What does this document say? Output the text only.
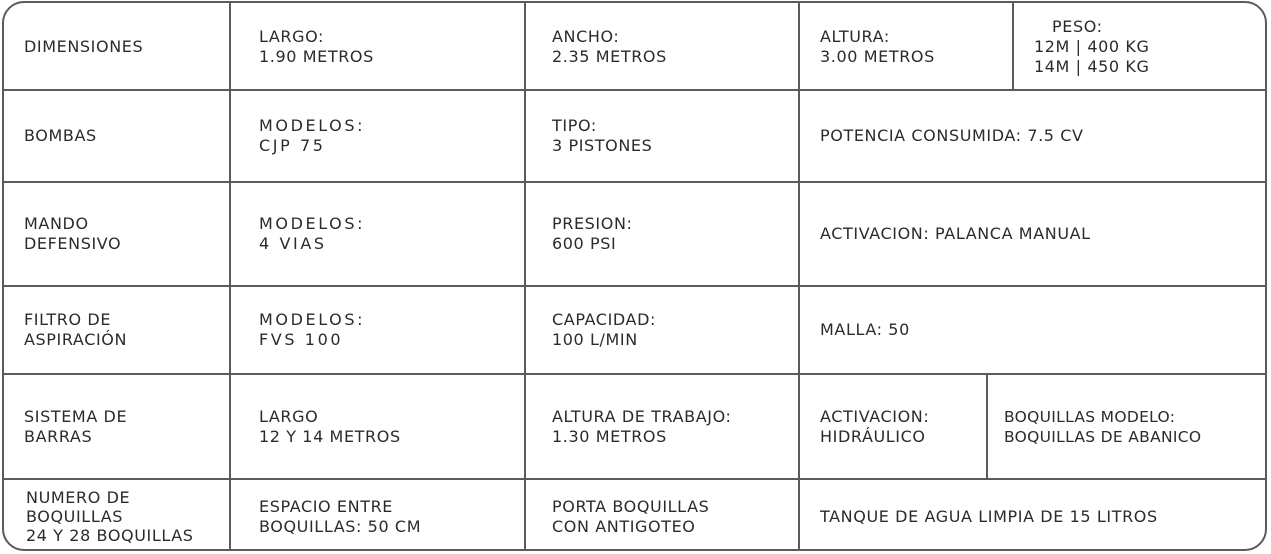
DIMENSIONES
LARGO:
1.90 METROS
ANCHO:
2.35 METROS
ALTURA:
3.00 METROS
PESO:
12M | 400 KG
14M | 450 KG
BOMBAS
MODELOS:
CJP 75
TIPO:
3 PISTONES
POTENCIA CONSUMIDA: 7.5 CV
MANDO
DEFENSIVO
MODELOS:
4 VIAS
PRESION:
600 PSI
ACTIVACION: PALANCA MANUAL
FILTRO DE
ASPIRACIÓN
MODELOS:
FVS 100
CAPACIDAD:
100 L/MIN
MALLA: 50
SISTEMA DE
BARRAS
LARGO
12 Y 14 METROS
ALTURA DE TRABAJO:
1.30 METROS
ACTIVACION:
HIDRÁULICO
BOQUILLAS MODELO:
BOQUILLAS DE ABANICO
NUMERO DE
BOQUILLAS
24 Y 28 BOQUILLAS
ESPACIO ENTRE
BOQUILLAS: 50 CM
PORTA BOQUILLAS
CON ANTIGOTEO
TANQUE DE AGUA LIMPIA DE 15 LITROS
